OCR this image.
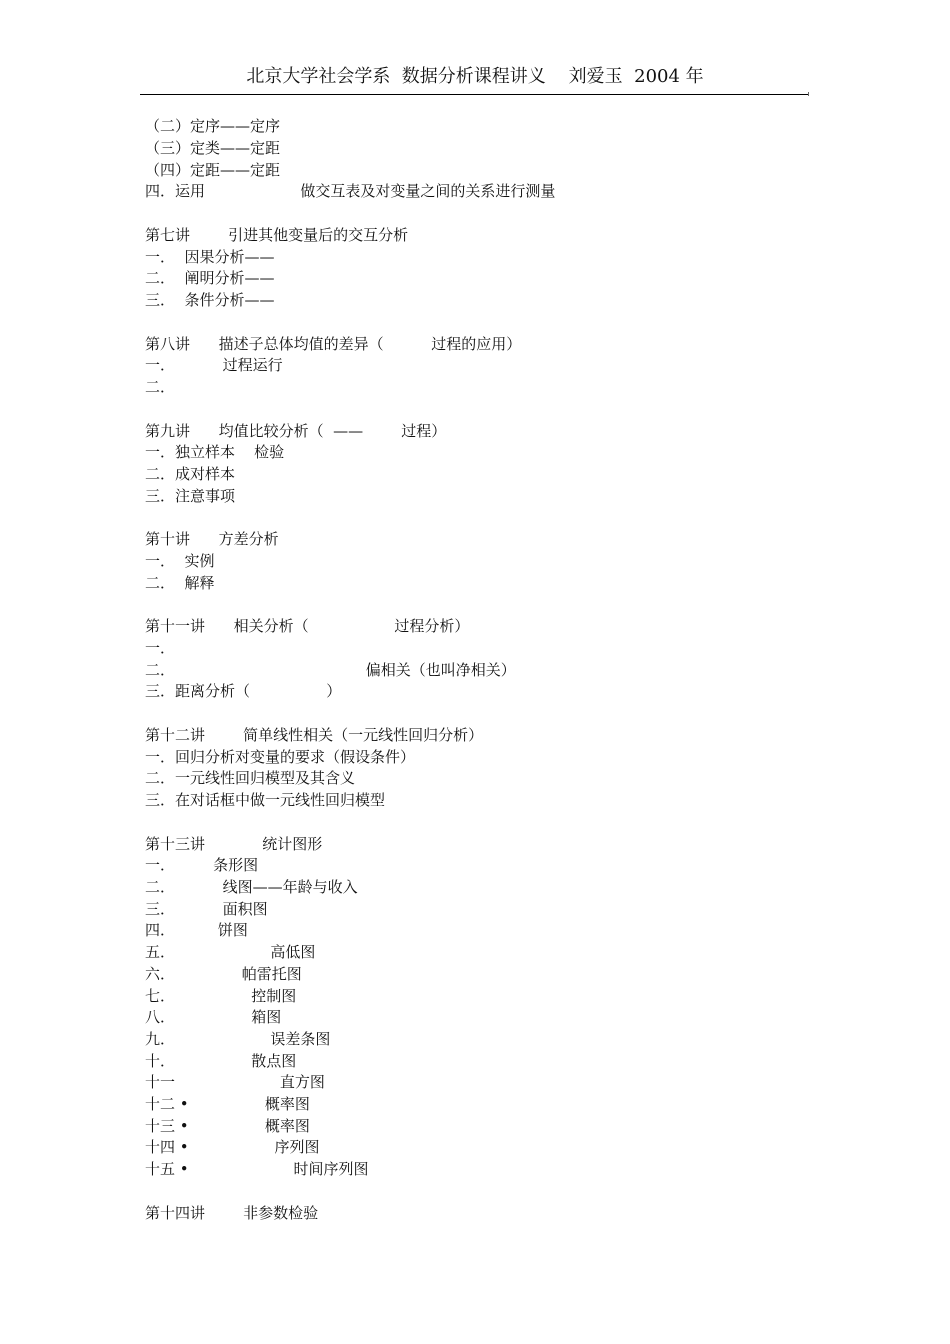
北京大学社会学系  数据分析课程讲义    刘爱玉  2004 年
（二）定序——定序
（三）定类——定距
（四）定距——定距
四．运用                    做交互表及对变量之间的关系进行测量
第七讲        引进其他变量后的交互分析
一．  因果分析——
二．  阐明分析——
三．  条件分析——
第八讲      描述子总体均值的差异（          过程的应用）
一．          过程运行
二．
第九讲      均值比较分析（  ——        过程）
一．独立样本    检验
二．成对样本
三．注意事项
第十讲      方差分析
一．  实例
二．  解释
第十一讲      相关分析（                  过程分析）
一．
二．                                        偏相关（也叫净相关）
三．距离分析（                ）
第十二讲        简单线性相关（一元线性回归分析）
一．回归分析对变量的要求（假设条件）
二．一元线性回归模型及其含义
三．在对话框中做一元线性回归模型
第十三讲            统计图形
一．        条形图
二．          线图——年龄与收入
三．          面积图
四．         饼图
五．                    高低图
六．              帕雷托图
七．                控制图
八．                箱图
九．                    误差条图
十．                散点图
十一                      直方图
十二 •                概率图
十三 •                概率图
十四 •                  序列图
十五 •                      时间序列图
第十四讲        非参数检验
